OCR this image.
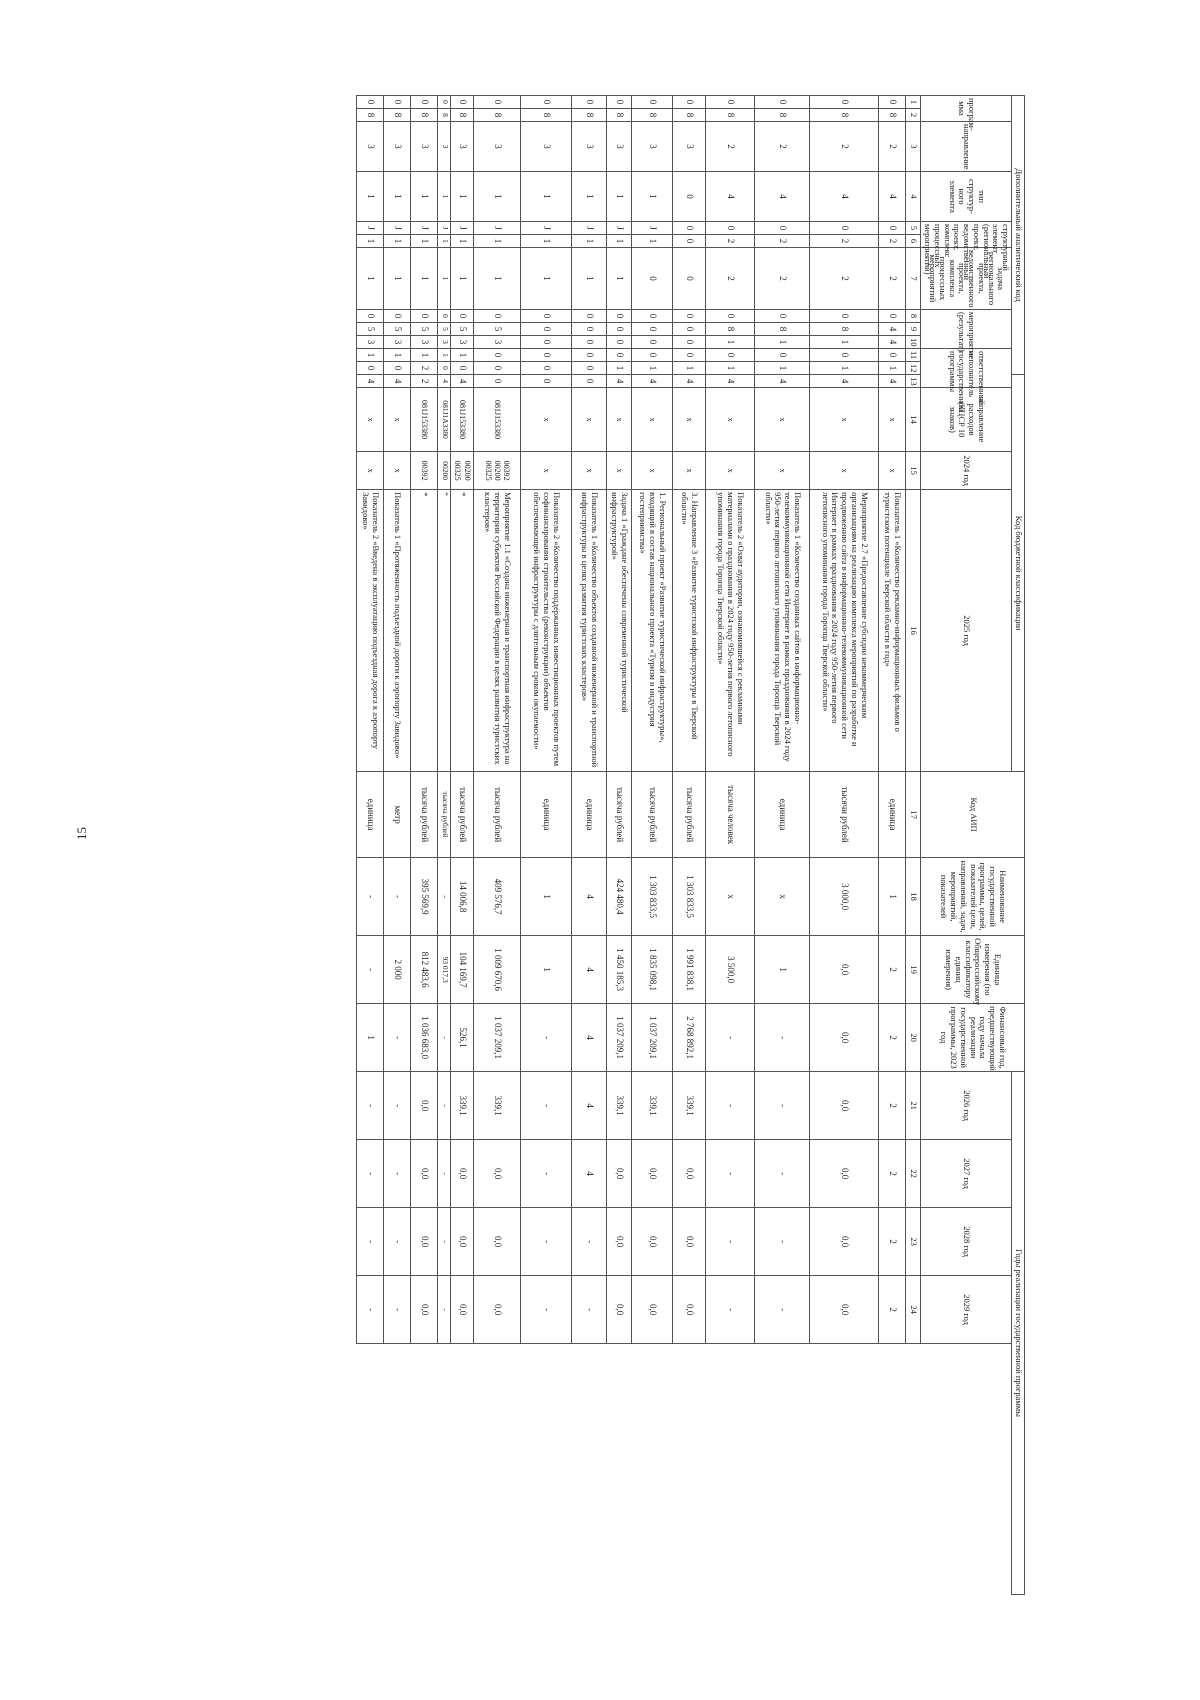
15
Дополнительный аналитический код												Код бюджетной классификации				Код АИП	Наименование государственной программы, целей, показателей цели, направлений, задач, мероприятий, показателей	Единица измерения (по Общероссийскому классификатору единиц измерения)	Финансовый год, предшествующий году начала реализации государственной программы, 2023 год	Годы реализации государственной программы			
програм-мма		направление	тип структур-ного элемента	структурный элемент (региональный проект, ведомственный проект, комплекс процессных мероприятий)		задача регионального проекта, ведомственного проекта, комплекса процессных мероприятий	мероприятие (результат)			ответственный исполнитель государственной программы			направление расходов (КЦСР 10 знаков)	2024 год	2025 год					2026 год	2027 год	2028 год	2029 год

1	2	3	4	5	6	7	8	9	10	11	12	13	14	15	16	17	18	19	20	21	22	23	24
0	8	2	4	0	2	2	0	4	4	0	1	4	x	x	Показатель 1 «Количество рекламно-информационных фильмов о туристском потенциале Тверской области в год»	единица	1	2	2	2	2	2	2
0	8	2	4	0	2	2	0	8	1	0	1	4	x	x	Мероприятие 2.7 «Предоставление субсидии некоммерческим организациям на реализацию комплекса мероприятий по разработке и продвижению сайта в информационно-телекоммуникационной сети Интернет в рамках празднования в 2024 году 950-летия первого летописного упоминания города Торопца Тверской области»	тысячи рублей	3 000,0	0,0	0,0	0,0	0,0	0,0	0,0
0	8	2	4	0	2	2	0	8	1	0	1	4	x	x	Показатель 1 «Количество созданных сайтов в информационно-телекоммуникационной сети Интернет в рамках празднования в 2024 году 950-летия первого летописного упоминания города Торопца Тверской области»	единица	x	1	-	-	-	-	-
0	8	2	4	0	2	2	0	8	1	0	1	4	x	x	Показатель 2 «Охват аудитории, ознакомившейся с рекламными материалами о праздновании в 2024 году 950-летия первого летописного упоминания города Торопца Тверской области»	тысяча человек	x	3 500,0	-	-	-	-	-
0	8	3	0	0	0	0	0	0	0	0	1	4	x	x	3. Направление 3 «Развитие туристской инфраструктуры в Тверской области»	тысяча рублей	1 303 833,5	1 991 838,1	2 768 892,1	339,1	0,0	0,0	0,0
0	8	3	1	J	1	0	0	0	0	0	1	4	x	x	1. Региональный проект «Развитие туристической инфраструктуры», входящий в состав национального проекта «Туризм и индустрия гостеприимства»	тысяча рублей	1 303 833,5	1 835 098,1	1 037 209,1	339,1	0,0	0,0	0,0
0	8	3	1	J	1	1	0	0	0	0	1	4	x	x	Задача 1 «Граждане обеспечены современной туристической инфраструктурой»	тысяча рублей	424 480,4	1 450 185,3	1 037 209,1	339,1	0,0	0,0	0,0
0	8	3	1	J	1	1	0	0	0	0	0	0	x	x	Показатель 1 «Количество объектов созданной инженерной и транспортной инфраструктуры в целях развития туристских кластеров»	единица	4	4	4	4	4	-	-
0	8	3	1	J	1	1	0	0	0	0	0	0	x	x	Показатель 2 «Количество поддержанных инвестиционных проектов путем софинансирования строительства (реконструкции) объектов обеспечивающей инфраструктуры с длительным сроком окупаемости»	единица	1	1	-	-	-	-	-
0	8	3	1	J	1	1	0	5	3	0	0	0	081J153380	00392 00200 00325	Мероприятие 1.1 «Создана инженерная и транспортная инфраструктура на территории субъектов Российской Федерации в целях развития туристских кластеров»	тысяча рублей	409 576,7	1 009 670,6	1 037 209,1	339,1	0,0	0,0	0,0
0	8	3	1	J	1	1	0	5	3	1	0	4	081J153380	00200 00325	*	тысяча рублей	14 006,8	104 169,7	526,1	339,1	0,0	0,0	0,0
0	8	3	1	J	1	1	0	5	3	1	0	4	081J1A3380	00200	*	тысяча рублей	-	93 017,3	-	-	-	-	-
0	8	3	1	J	1	1	0	5	3	1	2	2	081J153380	00392	*	тысяча рублей	395 569,9	812 483,6	1 036 683,0	0,0	0,0	0,0	0,0
0	8	3	1	J	1	1	0	5	3	1	0	4	x	x	Показатель 1 «Протяженность подъездной дороги к аэропорту Завидово»	метр	-	2 000	-	-	-	-	-
0	8	3	1	J	1	1	0	5	3	1	0	4	x	x	Показатель 2 «Введена в эксплуатацию подъездная дорога к аэропорту Завидово»	единица	-	-	1	-	-	-	-
